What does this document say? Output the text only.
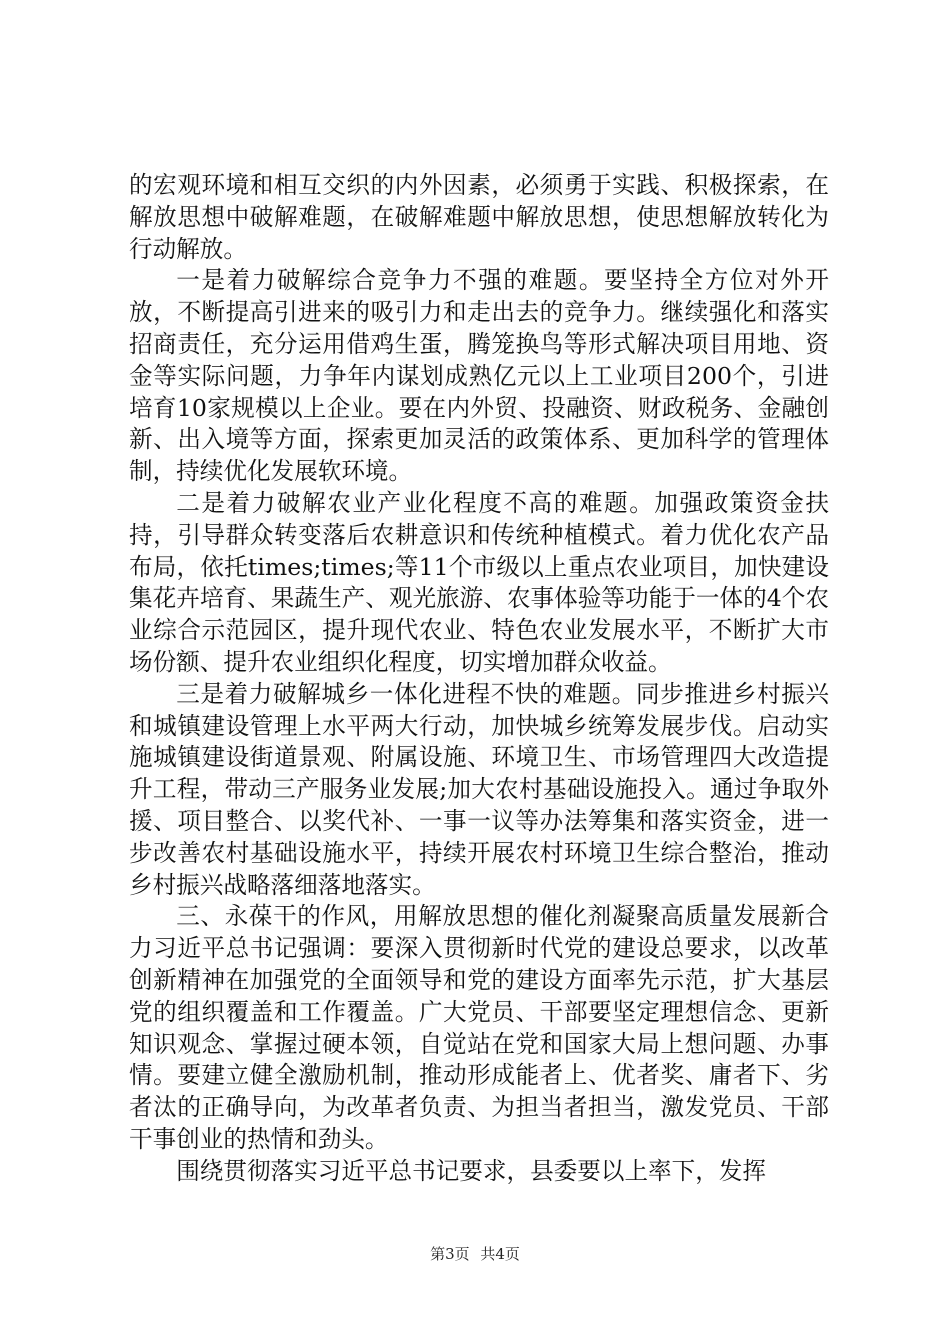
的宏观环境和相互交织的内外因素，必须勇于实践、积极探索，在解放思想中破解难题，在破解难题中解放思想，使思想解放转化为行动解放。

一是着力破解综合竞争力不强的难题。要坚持全方位对外开放，不断提高引进来的吸引力和走出去的竞争力。继续强化和落实招商责任，充分运用借鸡生蛋，腾笼换鸟等形式解决项目用地、资金等实际问题，力争年内谋划成熟亿元以上工业项目200个，引进培育10家规模以上企业。要在内外贸、投融资、财政税务、金融创新、出入境等方面，探索更加灵活的政策体系、更加科学的管理体制，持续优化发展软环境。

二是着力破解农业产业化程度不高的难题。加强政策资金扶持，引导群众转变落后农耕意识和传统种植模式。着力优化农产品布局，依托times;times;等11个市级以上重点农业项目，加快建设集花卉培育、果蔬生产、观光旅游、农事体验等功能于一体的4个农业综合示范园区，提升现代农业、特色农业发展水平，不断扩大市场份额、提升农业组织化程度，切实增加群众收益。

三是着力破解城乡一体化进程不快的难题。同步推进乡村振兴和城镇建设管理上水平两大行动，加快城乡统筹发展步伐。启动实施城镇建设街道景观、附属设施、环境卫生、市场管理四大改造提升工程，带动三产服务业发展;加大农村基础设施投入。通过争取外援、项目整合、以奖代补、一事一议等办法筹集和落实资金，进一步改善农村基础设施水平，持续开展农村环境卫生综合整治，推动乡村振兴战略落细落地落实。

三、永葆干的作风，用解放思想的催化剂凝聚高质量发展新合力习近平总书记强调：要深入贯彻新时代党的建设总要求，以改革创新精神在加强党的全面领导和党的建设方面率先示范，扩大基层党的组织覆盖和工作覆盖。广大党员、干部要坚定理想信念、更新知识观念、掌握过硬本领，自觉站在党和国家大局上想问题、办事情。要建立健全激励机制，推动形成能者上、优者奖、庸者下、劣者汰的正确导向，为改革者负责、为担当者担当，激发党员、干部干事创业的热情和劲头。

围绕贯彻落实习近平总书记要求，县委要以上率下，发挥

第3页 共4页
